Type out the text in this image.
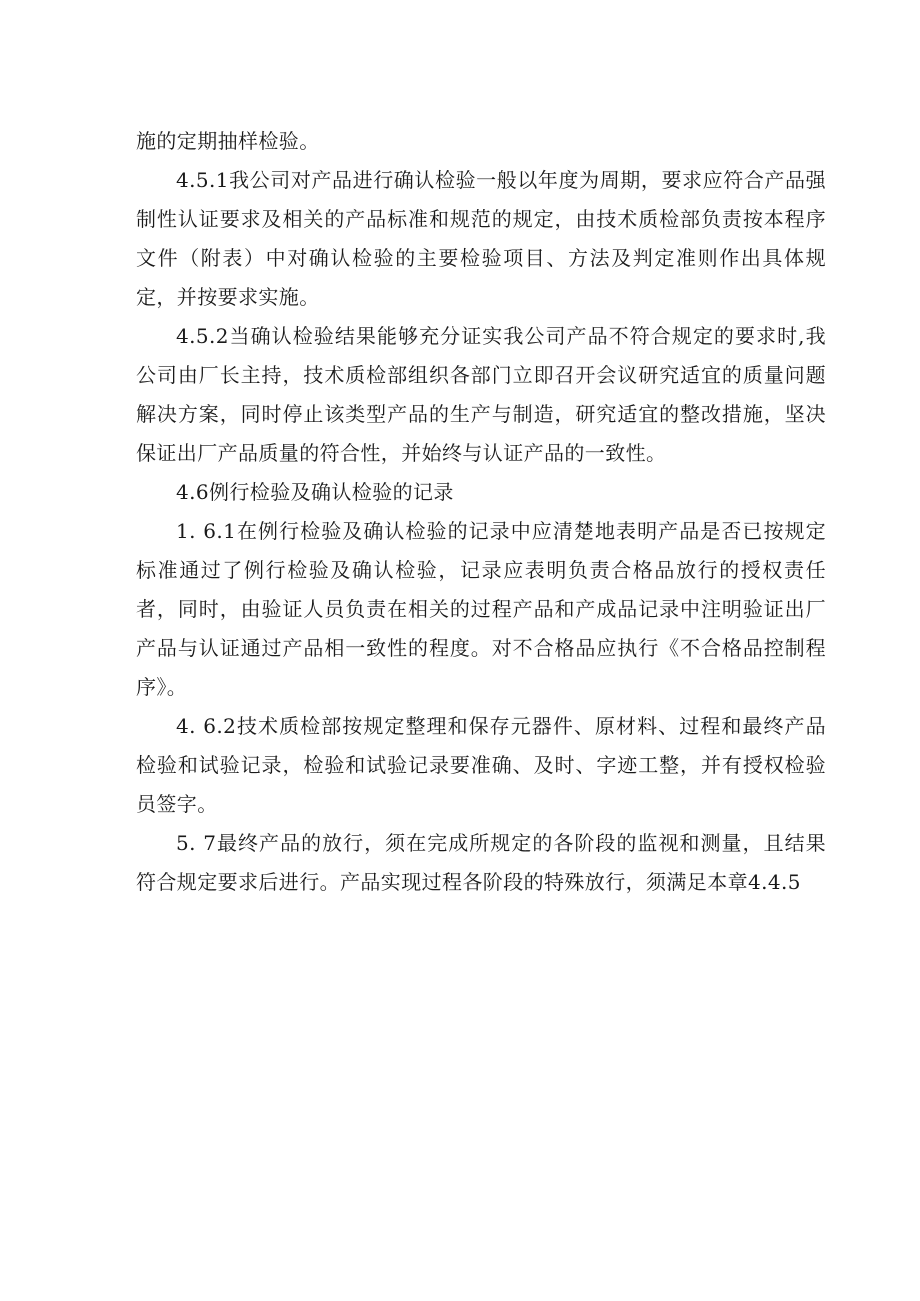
施的定期抽样检验。

4.5.1我公司对产品进行确认检验一般以年度为周期，要求应符合产品强制性认证要求及相关的产品标准和规范的规定，由技术质检部负责按本程序文件（附表）中对确认检验的主要检验项目、方法及判定准则作出具体规定，并按要求实施。

4.5.2当确认检验结果能够充分证实我公司产品不符合规定的要求时,我公司由厂长主持，技术质检部组织各部门立即召开会议研究适宜的质量问题解决方案，同时停止该类型产品的生产与制造，研究适宜的整改措施，坚决保证出厂产品质量的符合性，并始终与认证产品的一致性。

4.6例行检验及确认检验的记录

1. 6.1在例行检验及确认检验的记录中应清楚地表明产品是否已按规定标准通过了例行检验及确认检验，记录应表明负责合格品放行的授权责任者，同时，由验证人员负责在相关的过程产品和产成品记录中注明验证出厂产品与认证通过产品相一致性的程度。对不合格品应执行《不合格品控制程序》。

4. 6.2技术质检部按规定整理和保存元器件、原材料、过程和最终产品检验和试验记录，检验和试验记录要准确、及时、字迹工整，并有授权检验员签字。

5. 7最终产品的放行，须在完成所规定的各阶段的监视和测量，且结果符合规定要求后进行。产品实现过程各阶段的特殊放行，须满足本章4.4.5
